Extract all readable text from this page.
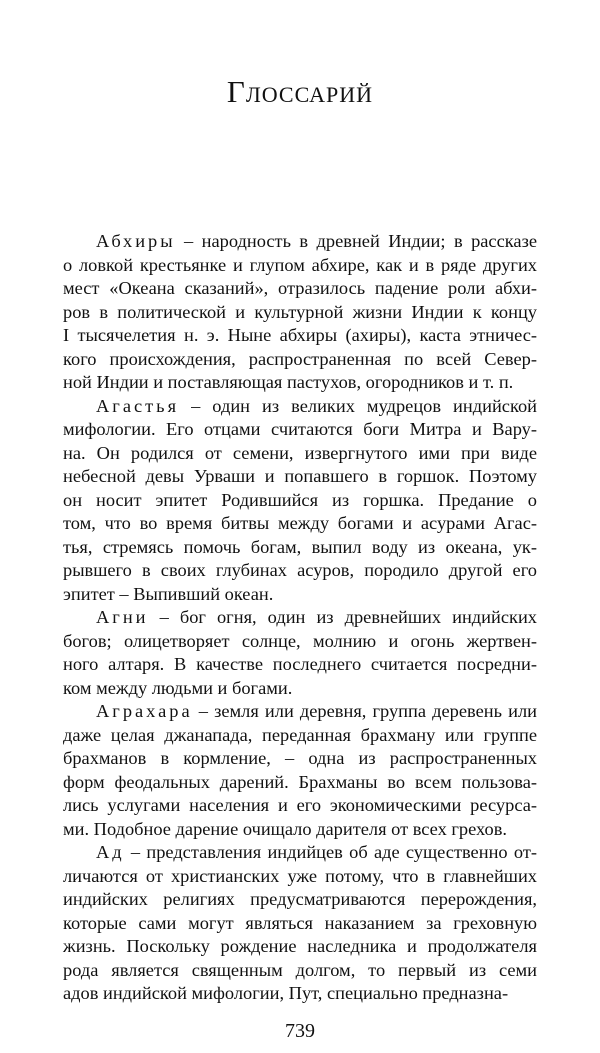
Глоссарий
Абхиры – народность в древней Индии; в рассказе
о ловкой крестьянке и глупом абхире, как и в ряде других
мест «Океана сказаний», отразилось падение роли абхи-
ров в политической и культурной жизни Индии к концу
I тысячелетия н. э. Ныне абхиры (ахиры), каста этничес-
кого происхождения, распространенная по всей Север-
ной Индии и поставляющая пастухов, огородников и т. п.
Агастья – один из великих мудрецов индийской
мифологии. Его отцами считаются боги Митра и Вару-
на. Он родился от семени, извергнутого ими при виде
небесной девы Урваши и попавшего в горшок. Поэтому
он носит эпитет Родившийся из горшка. Предание о
том, что во время битвы между богами и асурами Агас-
тья, стремясь помочь богам, выпил воду из океана, ук-
рывшего в своих глубинах асуров, породило другой его
эпитет – Выпивший океан.
Агни – бог огня, один из древнейших индийских
богов; олицетворяет солнце, молнию и огонь жертвен-
ного алтаря. В качестве последнего считается посредни-
ком между людьми и богами.
Аграхара – земля или деревня, группа деревень или
даже целая джанапада, переданная брахману или группе
брахманов в кормление, – одна из распространенных
форм феодальных дарений. Брахманы во всем пользова-
лись услугами населения и его экономическими ресурса-
ми. Подобное дарение очищало дарителя от всех грехов.
Ад – представления индийцев об аде существенно от-
личаются от христианских уже потому, что в главнейших
индийских религиях предусматриваются перерождения,
которые сами могут являться наказанием за греховную
жизнь. Поскольку рождение наследника и продолжателя
рода является священным долгом, то первый из семи
адов индийской мифологии, Пут, специально предназна-
739
